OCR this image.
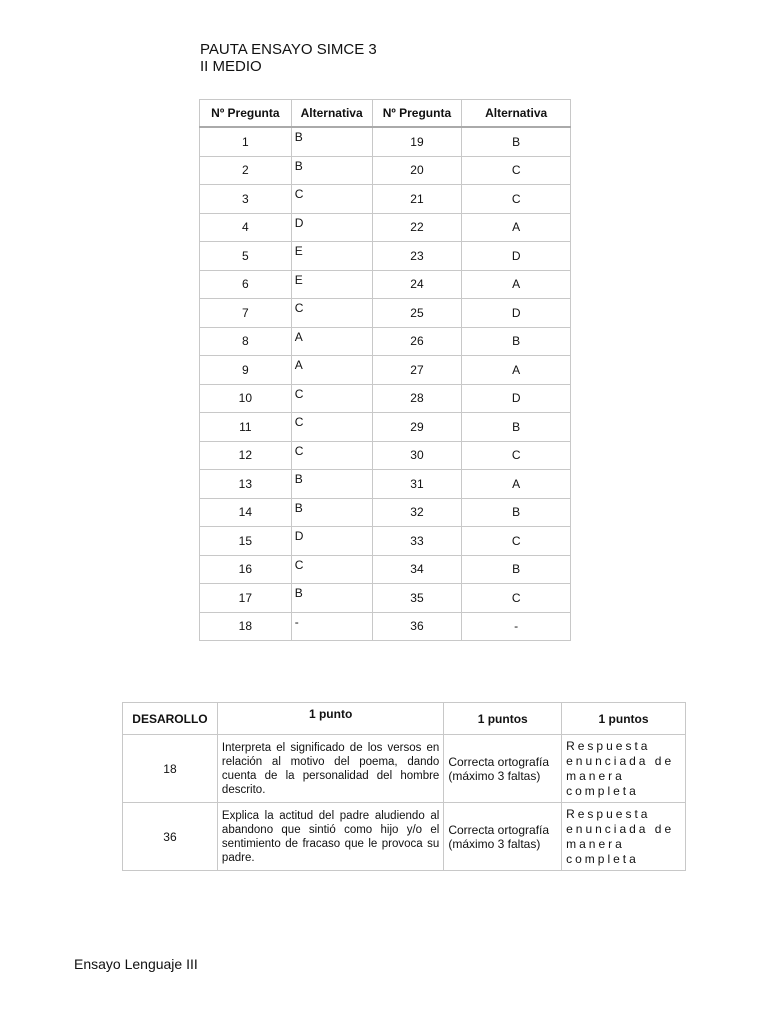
PAUTA ENSAYO SIMCE 3
II MEDIO
Nº Pregunta	Alternativa	Nº Pregunta	Alternativa
1	B	19	B
2	B	20	C
3	C	21	C
4	D	22	A
5	E	23	D
6	E	24	A
7	C	25	D
8	A	26	B
9	A	27	A
10	C	28	D
11	C	29	B
12	C	30	C
13	B	31	A
14	B	32	B
15	D	33	C
16	C	34	B
17	B	35	C
18	-	36	-
DESAROLLO	1 punto	1 puntos	1 puntos
18	Interpreta el significado de los versos en relación al motivo del poema, dando cuenta de la personalidad del hombre descrito.	Correcta ortografía (máximo 3 faltas)	Respuesta enunciada de manera completa
36	Explica la actitud del padre aludiendo al abandono que sintió como hijo y/o el sentimiento de fracaso que le provoca su padre.	Correcta ortografía (máximo 3 faltas)	Respuesta enunciada de manera completa
Ensayo Lenguaje III
